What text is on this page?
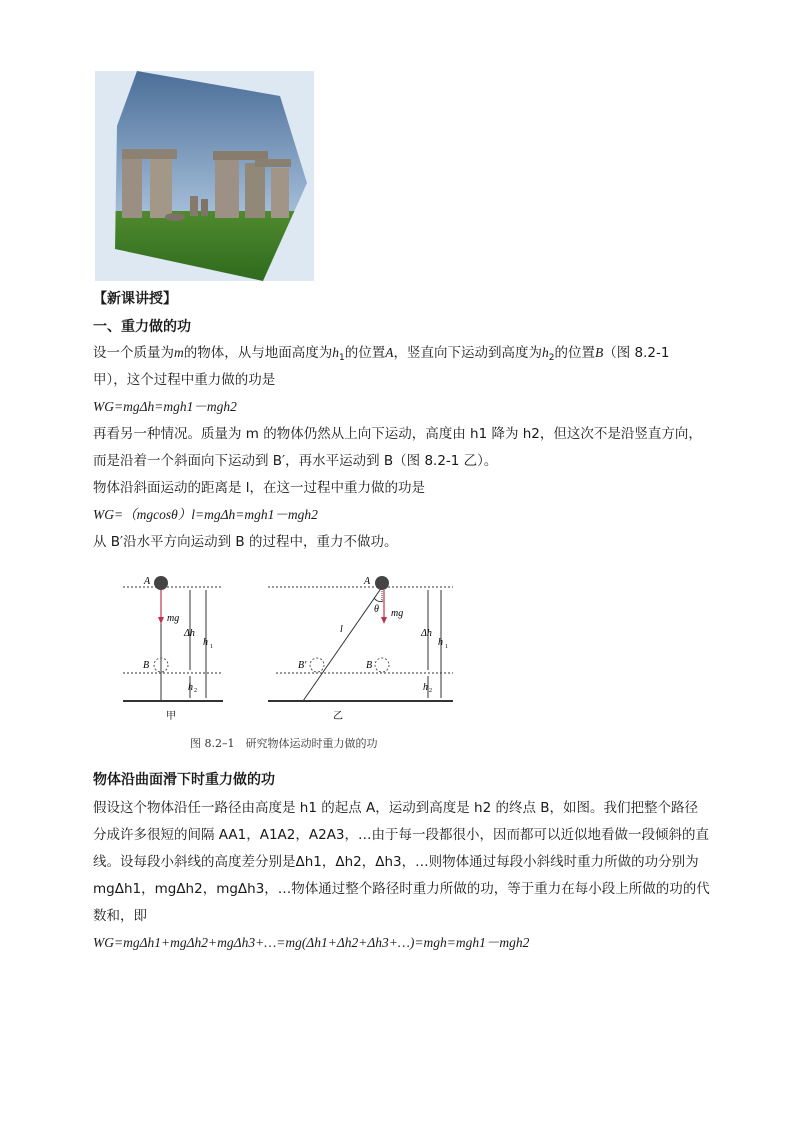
【新课讲授】
一、重力做的功
设一个质量为m的物体，从与地面高度为$h_1$的位置A，竖直向下运动到高度为$h_2$的位置B（图 8.2-1
甲），这个过程中重力做的功是
WG=mgΔh=mgh1－mgh2
再看另一种情况。质量为 m 的物体仍然从上向下运动，高度由 h1 降为 h2，但这次不是沿竖直方向，
而是沿着一个斜面向下运动到 B′，再水平运动到 B（图 8.2-1 乙）。
物体沿斜面运动的距离是 l，在这一过程中重力做的功是
WG=（mgcosθ）l=mgΔh=mgh1－mgh2
从 B′沿水平方向运动到 B 的过程中，重力不做功。
A
B
mg
Δh
h 1
h 2
甲
A
θ mg
l
B′	B
Δh
h 1
h 2
乙
图 8.2–1　研究物体运动时重力做的功
物体沿曲面滑下时重力做的功
假设这个物体沿任一路径由高度是 h1 的起点 A，运动到高度是 h2 的终点 B，如图。我们把整个路径
分成许多很短的间隔 AA1，A1A2，A2A3，…由于每一段都很小，因而都可以近似地看做一段倾斜的直
线。设每段小斜线的高度差分别是Δh1，Δh2，Δh3，…则物体通过每段小斜线时重力所做的功分别为
mgΔh1，mgΔh2，mgΔh3，…物体通过整个路径时重力所做的功，等于重力在每小段上所做的功的代
数和，即
WG=mgΔh1+mgΔh2+mgΔh3+…=mg(Δh1+Δh2+Δh3+…)=mgh=mgh1－mgh2
